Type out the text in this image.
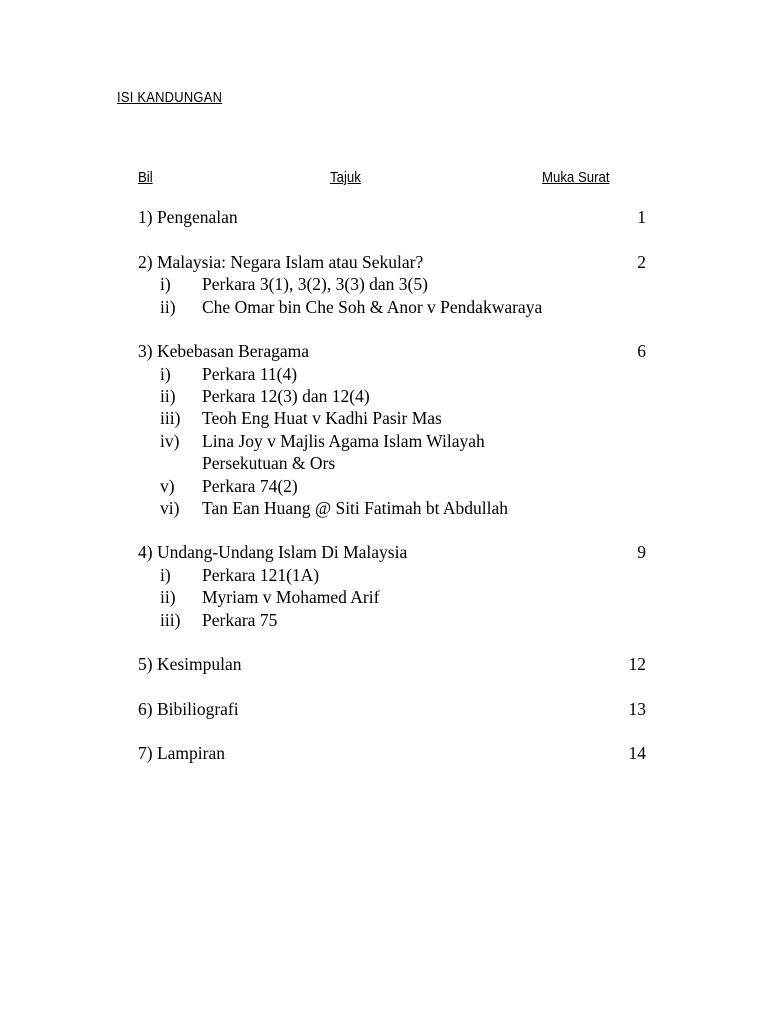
ISI KANDUNGAN
Bil	Tajuk	Muka Surat
1) Pengenalan	1
2) Malaysia: Negara Islam atau Sekular?	2
i) Perkara 3(1), 3(2), 3(3) dan 3(5)
ii) Che Omar bin Che Soh & Anor v Pendakwaraya
3) Kebebasan Beragama	6
i) Perkara 11(4)
ii) Perkara 12(3) dan 12(4)
iii) Teoh Eng Huat v Kadhi Pasir Mas
iv) Lina Joy v Majlis Agama Islam Wilayah
Persekutuan & Ors
v) Perkara 74(2)
vi) Tan Ean Huang @ Siti Fatimah bt Abdullah
4) Undang-Undang Islam Di Malaysia	9
i) Perkara 121(1A)
ii) Myriam v Mohamed Arif
iii) Perkara 75
5) Kesimpulan	12
6) Bibiliografi	13
7) Lampiran	14
